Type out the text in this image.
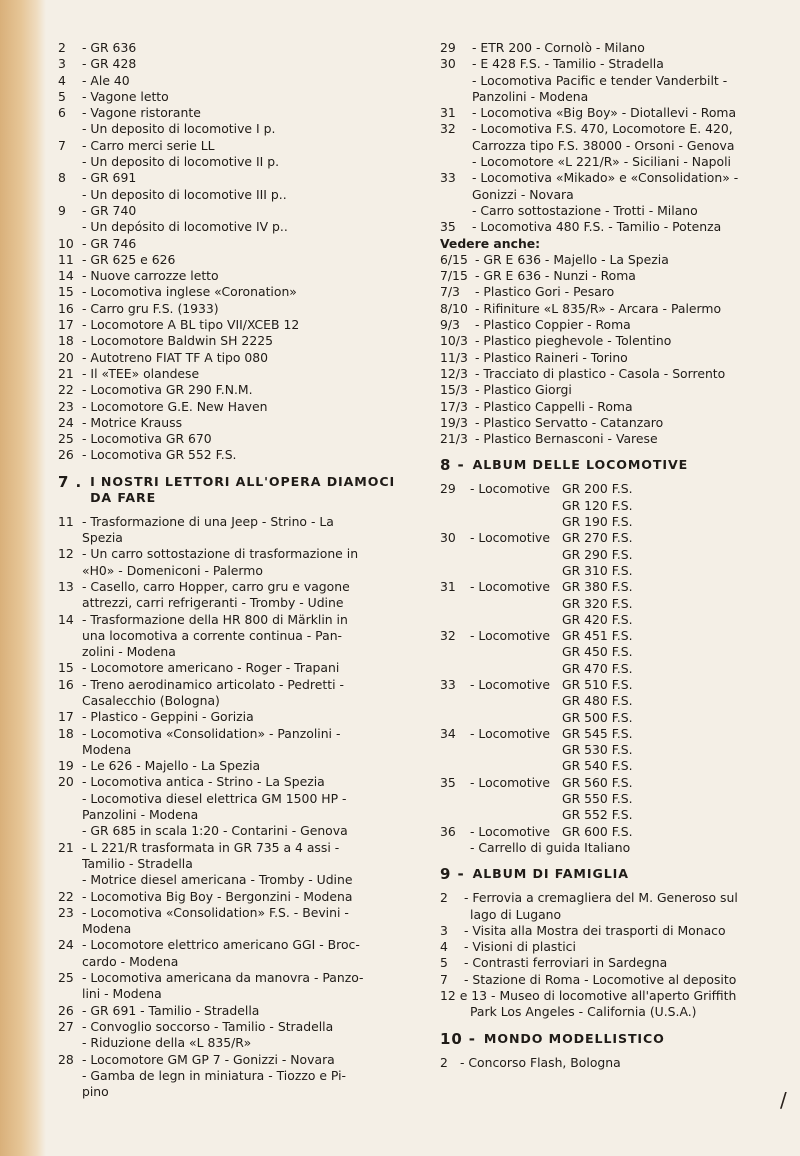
2	- GR 636
3	- GR 428
4	- Ale 40
5	- Vagone letto
6	- Vagone ristorante
- Un deposito di locomotive I p.
7	- Carro merci serie LL
- Un deposito di locomotive II p.
8	- GR 691
- Un deposito di locomotive III p..
9	- GR 740
- Un depósito di locomotive IV p..
10 - GR 746
11 - GR 625 e 626
14 - Nuove carrozze letto
15 - Locomotiva inglese «Coronation»
16 - Carro gru F.S. (1933)
17 - Locomotore A BL tipo VII/XCEB 12
18 - Locomotore Baldwin SH 2225
20 - Autotreno FIAT TF A tipo 080
21 - Il «TEE» olandese
22 - Locomotiva GR 290 F.N.M.
23 - Locomotore G.E. New Haven
24 - Motrice Krauss
25 - Locomotiva GR 670
26 - Locomotiva GR 552 F.S.
7 . I NOSTRI LETTORI ALL'OPERA DIAMOCI DA FARE
11 - Trasformazione di una Jeep - Strino - La
Spezia
12 - Un carro sottostazione di trasformazione in
«H0» - Domeniconi - Palermo
13 - Casello, carro Hopper, carro gru e vagone
attrezzi, carri refrigeranti - Tromby - Udine
14 - Trasformazione della HR 800 di Märklin in
una locomotiva a corrente continua - Pan-
zolini - Modena
15 - Locomotore americano - Roger - Trapani
16 - Treno aerodinamico articolato - Pedretti -
Casalecchio (Bologna)
17 - Plastico - Geppini - Gorizia
18 - Locomotiva «Consolidation» - Panzolini -
Modena
19 - Le 626 - Majello - La Spezia
20 - Locomotiva antica - Strino - La Spezia
- Locomotiva diesel elettrica GM 1500 HP -
Panzolini - Modena
- GR 685 in scala 1:20 - Contarini - Genova
21 - L 221/R trasformata in GR 735 a 4 assi -
Tamilio - Stradella
- Motrice diesel americana - Tromby - Udine
22 - Locomotiva Big Boy - Bergonzini - Modena
23 - Locomotiva «Consolidation» F.S. - Bevini -
Modena
24 - Locomotore elettrico americano GGI - Broc-
cardo - Modena
25 - Locomotiva americana da manovra - Panzo-
lini - Modena
26 - GR 691 - Tamilio - Stradella
27 - Convoglio soccorso - Tamilio - Stradella
- Riduzione della «L 835/R»
28 - Locomotore GM GP 7 - Gonizzi - Novara
- Gamba de legn in miniatura - Tiozzo e Pi-
pino
29	- ETR 200 - Cornolò - Milano
30	- E 428 F.S. - Tamilio - Stradella
- Locomotiva Pacific e tender Vanderbilt -
Panzolini - Modena
31	- Locomotiva «Big Boy» - Diotallevi - Roma
32	- Locomotiva F.S. 470, Locomotore E. 420,
Carrozza tipo F.S. 38000 - Orsoni - Genova
- Locomotore «L 221/R» - Siciliani - Napoli
33	- Locomotiva «Mikado» e «Consolidation» -
Gonizzi - Novara
- Carro sottostazione - Trotti - Milano
35	- Locomotiva 480 F.S. - Tamilio - Potenza
Vedere anche:
6/15 - GR E 636 - Majello - La Spezia
7/15 - GR E 636 - Nunzi - Roma
7/3	- Plastico Gori - Pesaro
8/10 - Rifiniture «L 835/R» - Arcara - Palermo
9/3	- Plastico Coppier - Roma
10/3 - Plastico pieghevole - Tolentino
11/3 - Plastico Raineri - Torino
12/3 - Tracciato di plastico - Casola - Sorrento
15/3 - Plastico Giorgi
17/3 - Plastico Cappelli - Roma
19/3 - Plastico Servatto - Catanzaro
21/3 - Plastico Bernasconi - Varese
8 - ALBUM DELLE LOCOMOTIVE
29 - Locomotive GR 200 F.S.
GR 120 F.S.
GR 190 F.S.
30 - Locomotive GR 270 F.S.
GR 290 F.S.
GR 310 F.S.
31 - Locomotive GR 380 F.S.
GR 320 F.S.
GR 420 F.S.
32 - Locomotive GR 451 F.S.
GR 450 F.S.
GR 470 F.S.
33 - Locomotive GR 510 F.S.
GR 480 F.S.
GR 500 F.S.
34 - Locomotive GR 545 F.S.
GR 530 F.S.
GR 540 F.S.
35 - Locomotive GR 560 F.S.
GR 550 F.S.
GR 552 F.S.
36 - Locomotive GR 600 F.S.
- Carrello di guida Italiano
9 - ALBUM DI FAMIGLIA
2	- Ferrovia a cremagliera del M. Generoso sul
lago di Lugano
3	- Visita alla Mostra dei trasporti di Monaco
4	- Visioni di plastici
5	- Contrasti ferroviari in Sardegna
7	- Stazione di Roma - Locomotive al deposito
12 e 13 - Museo di locomotive all'aperto Griffith
Park Los Angeles - California (U.S.A.)
10 - MONDO MODELLISTICO
2 - Concorso Flash, Bologna
/
